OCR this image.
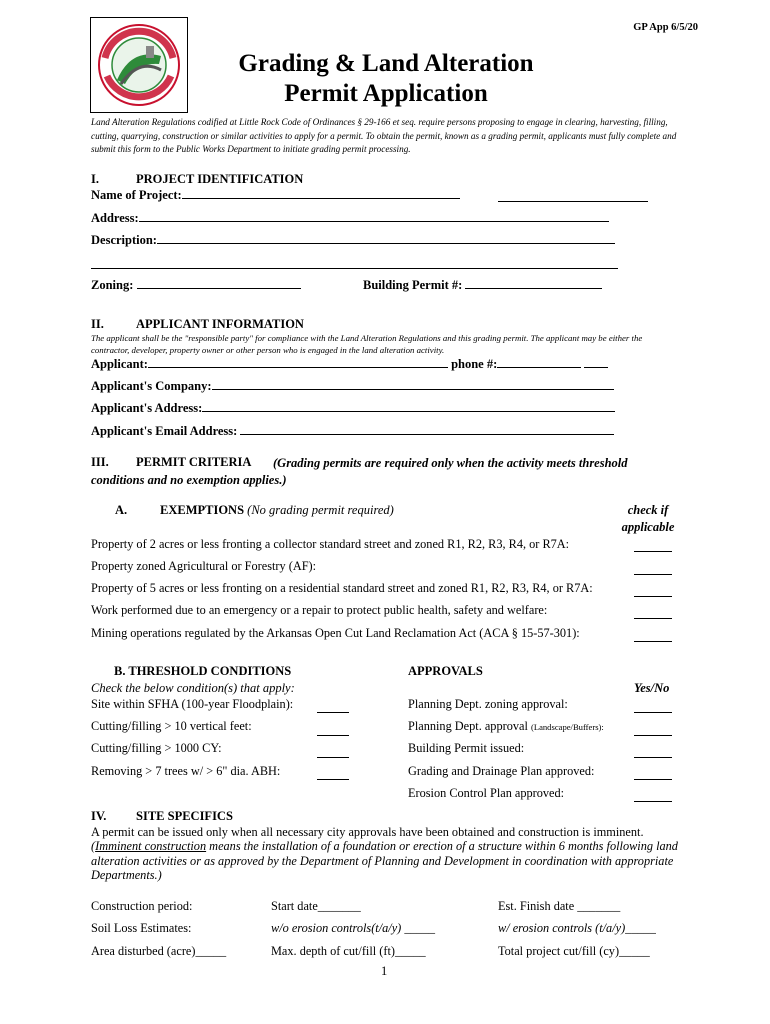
GP App 6/5/20
Grading & Land Alteration
Permit Application
Land Alteration Regulations codified at Little Rock Code of Ordinances § 29-166 et seq. require persons proposing to engage in clearing, harvesting, filling, cutting, quarrying, construction or similar activities to apply for a permit. To obtain the permit, known as a grading permit, applicants must fully complete and submit this form to the Public Works Department to initiate grading permit processing.
I.	PROJECT IDENTIFICATION
Name of Project:
Address:
Description:
Zoning:	Building Permit #:
II.	APPLICANT INFORMATION
The applicant shall be the "responsible party" for compliance with the Land Alteration Regulations and this grading permit. The applicant may be either the contractor, developer, property owner or other person who is engaged in the land alteration activity.
Applicant:	phone #:
Applicant's Company:
Applicant's Address:
Applicant's Email Address:
III. PERMIT CRITERIA	(Grading permits are required only when the activity meets threshold conditions and no exemption applies.)
A.	EXEMPTIONS (No grading permit required)	check if
applicable
Property of 2 acres or less fronting a collector standard street and zoned R1, R2, R3, R4, or R7A:
Property zoned Agricultural or Forestry (AF):
Property of 5 acres or less fronting on a residential standard street and zoned R1, R2, R3, R4, or R7A:
Work performed due to an emergency or a repair to protect public health, safety and welfare:
Mining operations regulated by the Arkansas Open Cut Land Reclamation Act (ACA § 15-57-301):
B. THRESHOLD CONDITIONS
Check the below condition(s) that apply:
APPROVALS
Yes/No
Site within SFHA (100-year Floodplain):
Cutting/filling > 10 vertical feet:
Cutting/filling > 1000 CY:
Removing > 7 trees w/ > 6" dia. ABH:
Planning Dept. zoning approval:
Planning Dept. approval (Landscape/Buffers):
Building Permit issued:
Grading and Drainage Plan approved:
Erosion Control Plan approved:
IV. SITE SPECIFICS
A permit can be issued only when all necessary city approvals have been obtained and construction is imminent.
(Imminent construction means the installation of a foundation or erection of a structure within 6 months following land alteration activities or as approved by the Department of Planning and Development in coordination with appropriate Departments.)
Construction period:	Start date_______	Est. Finish date _______
Soil Loss Estimates:	w/o erosion controls(t/a/y) _____	w/ erosion controls (t/a/y)_____
Area disturbed (acre)_____	Max. depth of cut/fill (ft)_____	Total project cut/fill (cy)_____
1
